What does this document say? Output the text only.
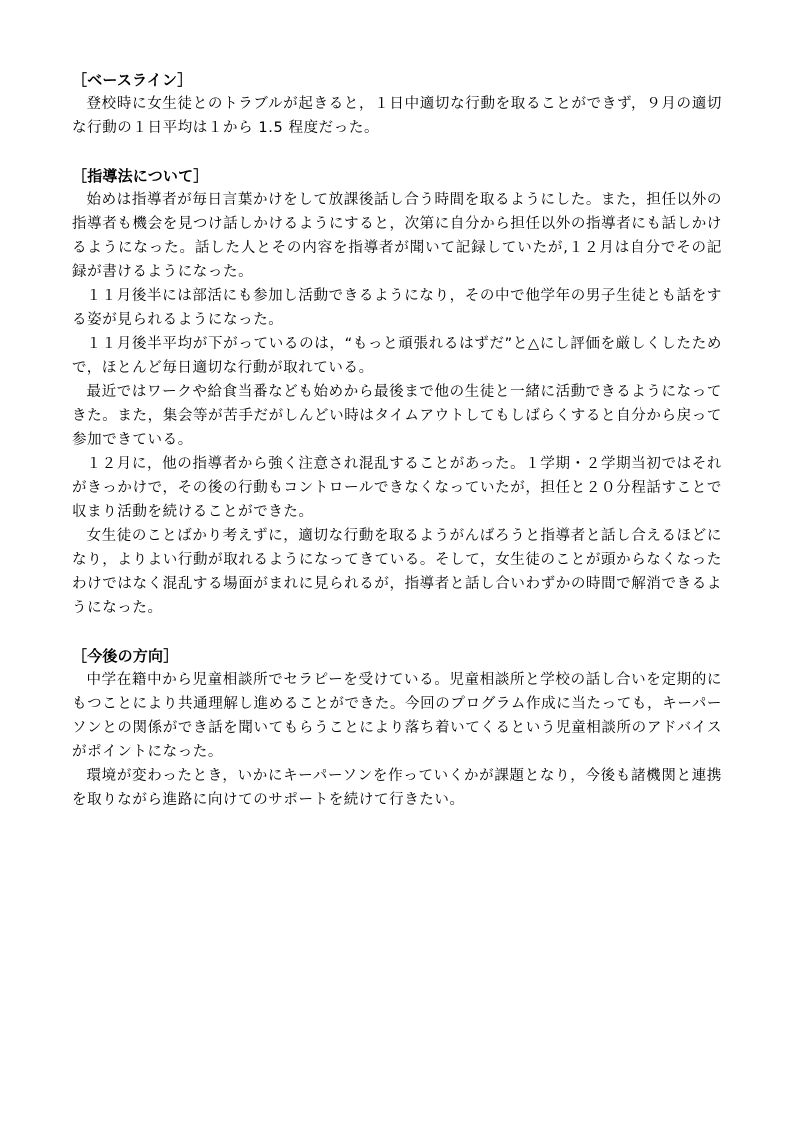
［ベースライン］

登校時に女生徒とのトラブルが起きると，１日中適切な行動を取ることができず，９月の適切な行動の１日平均は１から 1.5 程度だった。

［指導法について］

始めは指導者が毎日言葉かけをして放課後話し合う時間を取るようにした。また，担任以外の指導者も機会を見つけ話しかけるようにすると，次第に自分から担任以外の指導者にも話しかけるようになった。話した人とその内容を指導者が聞いて記録していたが,１２月は自分でその記録が書けるようになった。

１１月後半には部活にも参加し活動できるようになり，その中で他学年の男子生徒とも話をする姿が見られるようになった。

１１月後半平均が下がっているのは，“もっと頑張れるはずだ”と△にし評価を厳しくしたためで，ほとんど毎日適切な行動が取れている。

最近ではワークや給食当番なども始めから最後まで他の生徒と一緒に活動できるようになってきた。また，集会等が苦手だがしんどい時はタイムアウトしてもしばらくすると自分から戻って参加できている。

１２月に，他の指導者から強く注意され混乱することがあった。１学期・２学期当初ではそれがきっかけで，その後の行動もコントロールできなくなっていたが，担任と２０分程話すことで収まり活動を続けることができた。

女生徒のことばかり考えずに，適切な行動を取るようがんばろうと指導者と話し合えるほどになり，よりよい行動が取れるようになってきている。そして，女生徒のことが頭からなくなったわけではなく混乱する場面がまれに見られるが，指導者と話し合いわずかの時間で解消できるようになった。

［今後の方向］

中学在籍中から児童相談所でセラピーを受けている。児童相談所と学校の話し合いを定期的にもつことにより共通理解し進めることができた。今回のプログラム作成に当たっても，キーパーソンとの関係ができ話を聞いてもらうことにより落ち着いてくるという児童相談所のアドバイスがポイントになった。

環境が変わったとき，いかにキーパーソンを作っていくかが課題となり，今後も諸機関と連携を取りながら進路に向けてのサポートを続けて行きたい。
